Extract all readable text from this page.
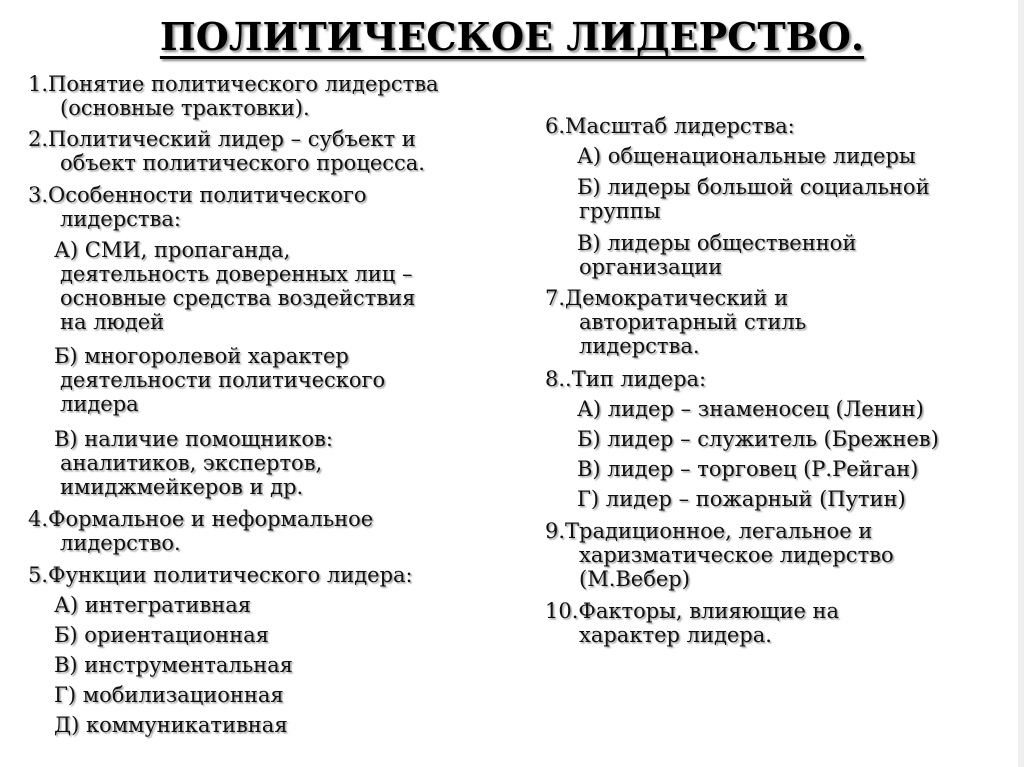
ПОЛИТИЧЕСКОЕ ЛИДЕРСТВО.
1.Понятие политического лидерства
(основные трактовки).
2.Политический лидер – субъект и
объект политического процесса.
3.Особенности политического
лидерства:
А) СМИ, пропаганда,
деятельность доверенных лиц –
основные средства воздействия
на людей
Б) многоролевой характер
деятельности политического
лидера
В) наличие помощников:
аналитиков, экспертов,
имиджмейкеров и др.
4.Формальное и неформальное
лидерство.
5.Функции политического лидера:
А) интегративная
Б) ориентационная
В) инструментальная
Г) мобилизационная
Д) коммуникативная
6.Масштаб лидерства:
А) общенациональные лидеры
Б) лидеры большой социальной
группы
В) лидеры общественной
организации
7.Демократический и
авторитарный стиль
лидерства.
8..Тип лидера:
А) лидер – знаменосец (Ленин)
Б) лидер – служитель (Брежнев)
В) лидер – торговец (Р.Рейган)
Г) лидер – пожарный (Путин)
9.Традиционное, легальное и
харизматическое лидерство
(М.Вебер)
10.Факторы, влияющие на
характер лидера.
